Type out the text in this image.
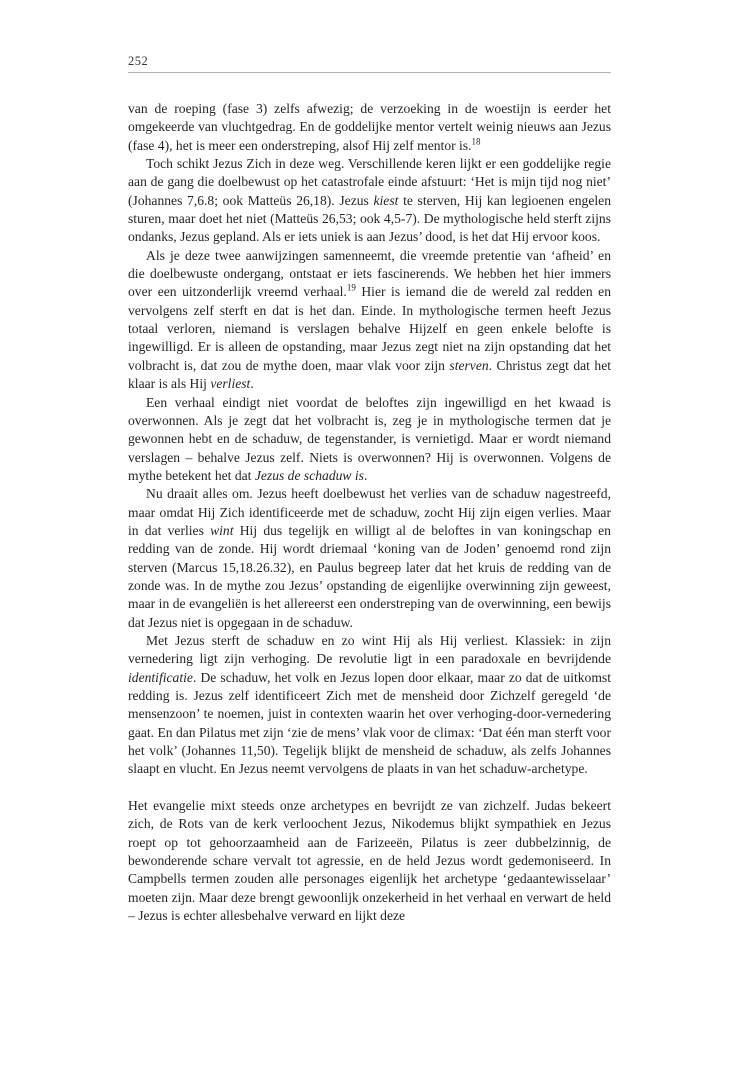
252

van de roeping (fase 3) zelfs afwezig; de verzoeking in de woestijn is eerder het omgekeerde van vluchtgedrag. En de goddelijke mentor vertelt weinig nieuws aan Jezus (fase 4), het is meer een onderstreping, alsof Hij zelf mentor is.$^{18}$

Toch schikt Jezus Zich in deze weg. Verschillende keren lijkt er een goddelijke regie aan de gang die doelbewust op het catastrofale einde afstuurt: ‘Het is mijn tijd nog niet’ (Johannes 7,6.8; ook Matteüs 26,18). Jezus kiest te sterven, Hij kan legioenen engelen sturen, maar doet het niet (Matteüs 26,53; ook 4,5-7). De mythologische held sterft zijns ondanks, Jezus gepland. Als er iets uniek is aan Jezus’ dood, is het dat Hij ervoor koos.

Als je deze twee aanwijzingen samenneemt, die vreemde pretentie van ‘afheid’ en die doelbewuste ondergang, ontstaat er iets fascinerends. We hebben het hier immers over een uitzonderlijk vreemd verhaal.$^{19}$ Hier is iemand die de wereld zal redden en vervolgens zelf sterft en dat is het dan. Einde. In mythologische termen heeft Jezus totaal verloren, niemand is verslagen behalve Hijzelf en geen enkele belofte is ingewilligd. Er is alleen de opstanding, maar Jezus zegt niet na zijn opstanding dat het volbracht is, dat zou de mythe doen, maar vlak voor zijn sterven. Christus zegt dat het klaar is als Hij verliest.

Een verhaal eindigt niet voordat de beloftes zijn ingewilligd en het kwaad is overwonnen. Als je zegt dat het volbracht is, zeg je in mythologische termen dat je gewonnen hebt en de schaduw, de tegenstander, is vernietigd. Maar er wordt niemand verslagen – behalve Jezus zelf. Niets is overwonnen? Hij is overwonnen. Volgens de mythe betekent het dat Jezus de schaduw is.

Nu draait alles om. Jezus heeft doelbewust het verlies van de schaduw nagestreefd, maar omdat Hij Zich identificeerde met de schaduw, zocht Hij zijn eigen verlies. Maar in dat verlies wint Hij dus tegelijk en willigt al de beloftes in van koningschap en redding van de zonde. Hij wordt driemaal ‘koning van de Joden’ genoemd rond zijn sterven (Marcus 15,18.26.32), en Paulus begreep later dat het kruis de redding van de zonde was. In de mythe zou Jezus’ opstanding de eigenlijke overwinning zijn geweest, maar in de evangeliën is het allereerst een onderstreping van de overwinning, een bewijs dat Jezus niet is opgegaan in de schaduw.

Met Jezus sterft de schaduw en zo wint Hij als Hij verliest. Klassiek: in zijn vernedering ligt zijn verhoging. De revolutie ligt in een paradoxale en bevrijdende identificatie. De schaduw, het volk en Jezus lopen door elkaar, maar zo dat de uitkomst redding is. Jezus zelf identificeert Zich met de mensheid door Zichzelf geregeld ‘de mensenzoon’ te noemen, juist in contexten waarin het over verhoging-door-vernedering gaat. En dan Pilatus met zijn ‘zie de mens’ vlak voor de climax: ‘Dat één man sterft voor het volk’ (Johannes 11,50). Tegelijk blijkt de mensheid de schaduw, als zelfs Johannes slaapt en vlucht. En Jezus neemt vervolgens de plaats in van het schaduw-archetype.

Het evangelie mixt steeds onze archetypes en bevrijdt ze van zichzelf. Judas bekeert zich, de Rots van de kerk verloochent Jezus, Nikodemus blijkt sympathiek en Jezus roept op tot gehoorzaamheid aan de Farizeeën, Pilatus is zeer dubbelzinnig, de bewonderende schare vervalt tot agressie, en de held Jezus wordt gedemoniseerd. In Campbells termen zouden alle personages eigenlijk het archetype ‘gedaantewisselaar’ moeten zijn. Maar deze brengt gewoonlijk onzekerheid in het verhaal en verwart de held – Jezus is echter allesbehalve verward en lijkt deze
